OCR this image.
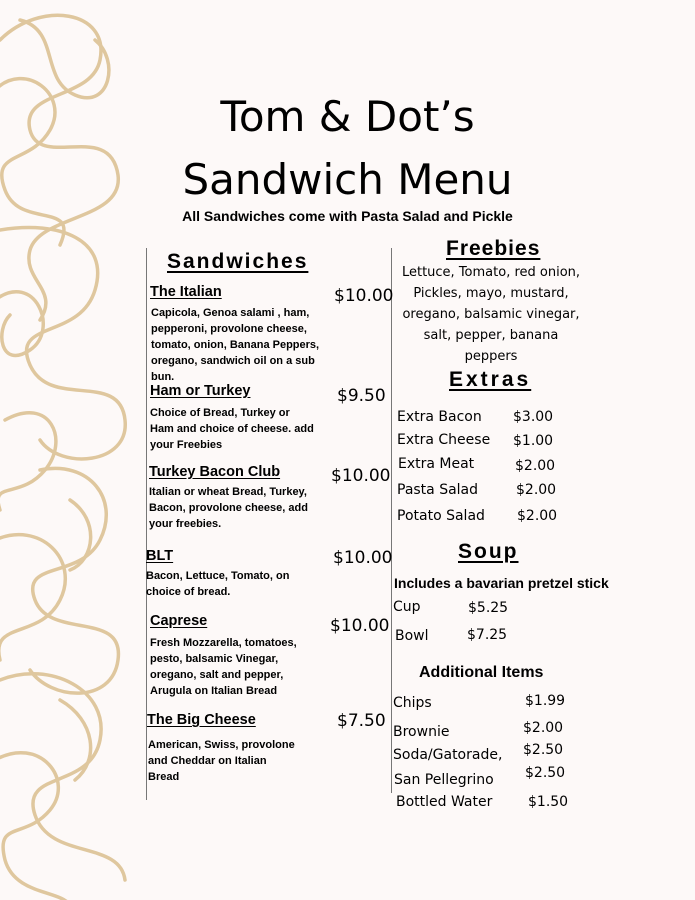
Tom & Dot’s
Sandwich Menu
All Sandwiches come with Pasta Salad and Pickle
Sandwiches
The Italian	$10.00
Capicola, Genoa salami , ham, pepperoni, provolone cheese, tomato, onion, Banana Peppers, oregano, sandwich oil on a sub bun.
Ham or Turkey	$9.50
Choice of Bread, Turkey or Ham and choice of cheese. add your Freebies
Turkey Bacon Club	$10.00
Italian or wheat Bread, Turkey, Bacon, provolone cheese, add your freebies.
BLT	$10.00
Bacon, Lettuce, Tomato, on choice of bread.
Caprese	$10.00
Fresh Mozzarella, tomatoes, pesto, balsamic Vinegar, oregano, salt and pepper, Arugula on Italian Bread
The Big Cheese	$7.50
American, Swiss, provolone and Cheddar on Italian Bread
Freebies
Lettuce, Tomato, red onion, Pickles, mayo, mustard, oregano, balsamic vinegar, salt, pepper, banana peppers
Extras
Extra Bacon $3.00
Extra Cheese $1.00
Extra Meat	$2.00
Pasta Salad	$2.00
Potato Salad $2.00
Soup
Includes a bavarian pretzel stick
Cup	$5.25
Bowl	$7.25
Additional Items
Chips	$1.99
Brownie	$2.00
Soda/Gatorade, $2.50
San Pellegrino $2.50
Bottled Water	$1.50
